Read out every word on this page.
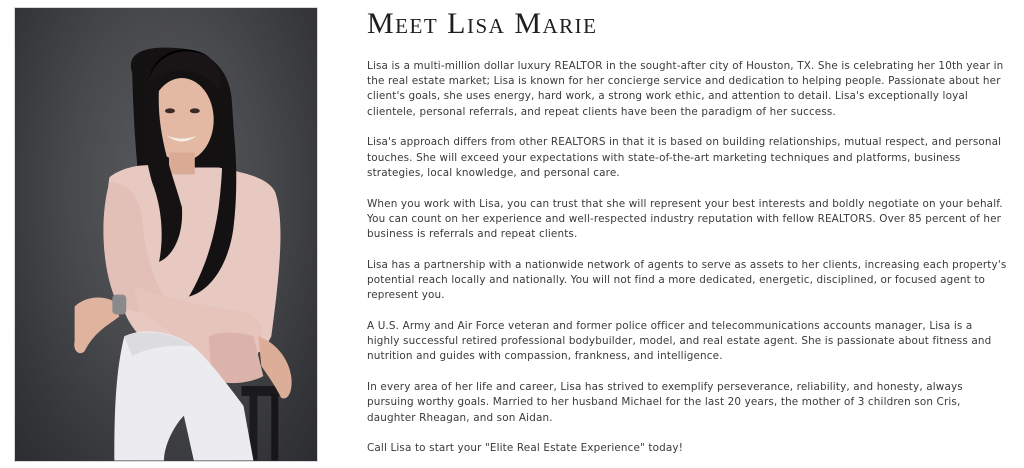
Meet Lisa Marie

Lisa is a multi-million dollar luxury REALTOR in the sought-after city of Houston, TX. She is celebrating her 10th year in the real estate market; Lisa is known for her concierge service and dedication to helping people. Passionate about her client's goals, she uses energy, hard work, a strong work ethic, and attention to detail. Lisa's exceptionally loyal clientele, personal referrals, and repeat clients have been the paradigm of her success.

Lisa's approach differs from other REALTORS in that it is based on building relationships, mutual respect, and personal touches. She will exceed your expectations with state-of-the-art marketing techniques and platforms, business strategies, local knowledge, and personal care.

When you work with Lisa, you can trust that she will represent your best interests and boldly negotiate on your behalf. You can count on her experience and well-respected industry reputation with fellow REALTORS. Over 85 percent of her business is referrals and repeat clients.

Lisa has a partnership with a nationwide network of agents to serve as assets to her clients, increasing each property's potential reach locally and nationally. You will not find a more dedicated, energetic, disciplined, or focused agent to represent you.

A U.S. Army and Air Force veteran and former police officer and telecommunications accounts manager, Lisa is a highly successful retired professional bodybuilder, model, and real estate agent. She is passionate about fitness and nutrition and guides with compassion, frankness, and intelligence.

In every area of her life and career, Lisa has strived to exemplify perseverance, reliability, and honesty, always pursuing worthy goals. Married to her husband Michael for the last 20 years, the mother of 3 children son Cris, daughter Rheagan, and son Aidan.

Call Lisa to start your "Elite Real Estate Experience" today!
